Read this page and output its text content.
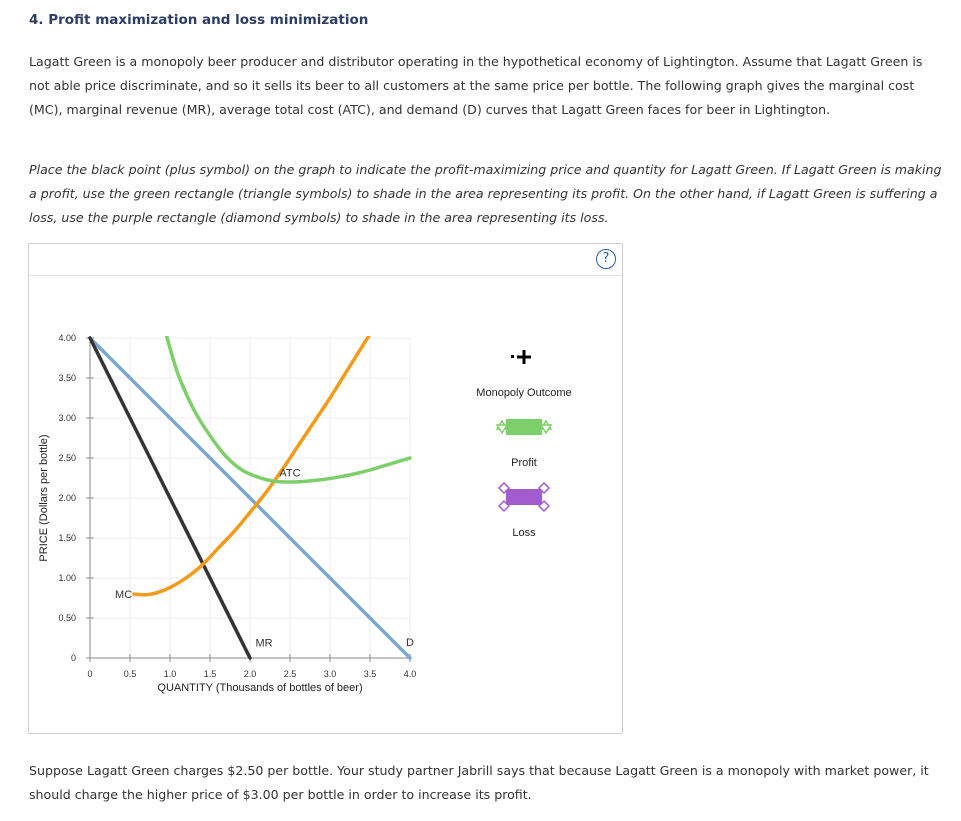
4. Profit maximization and loss minimization

Lagatt Green is a monopoly beer producer and distributor operating in the hypothetical economy of Lightington. Assume that Lagatt Green is not able price discriminate, and so it sells its beer to all customers at the same price per bottle. The following graph gives the marginal cost (MC), marginal revenue (MR), average total cost (ATC), and demand (D) curves that Lagatt Green faces for beer in Lightington.

Place the black point (plus symbol) on the graph to indicate the profit-maximizing price and quantity for Lagatt Green. If Lagatt Green is making a profit, use the green rectangle (triangle symbols) to shade in the area representing its profit. On the other hand, if Lagatt Green is suffering a loss, use the purple rectangle (diamond symbols) to shade in the area representing its loss.

?
0	0.5	1.0	1.5	2.0	2.5	3.0	3.5	4.0
0
0.50
1.00
1.50
2.00
2.50
3.00
3.50
4.00
QUANTITY (Thousands of bottles of beer)
PRICE (Dollars per bottle)
D
MR
MC
ATC
Monopoly Outcome
Profit
Loss

Suppose Lagatt Green charges $2.50 per bottle. Your study partner Jabrill says that because Lagatt Green is a monopoly with market power, it should charge the higher price of $3.00 per bottle in order to increase its profit.
